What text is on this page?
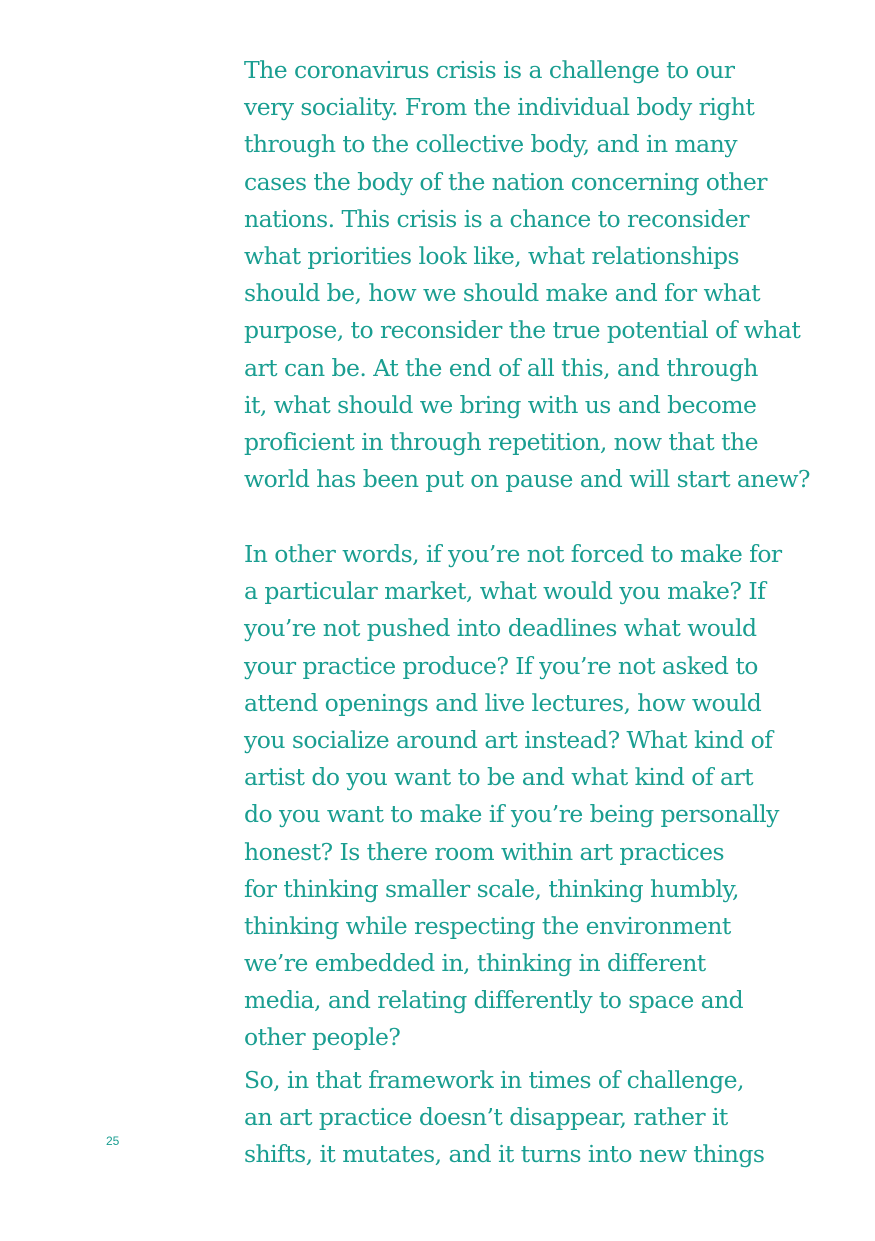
The coronavirus crisis is a challenge to our
very sociality. From the individual body right
through to the collective body, and in many
cases the body of the nation concerning other
nations. This crisis is a chance to reconsider
what priorities look like, what relationships
should be, how we should make and for what
purpose, to reconsider the true potential of what
art can be. At the end of all this, and through
it, what should we bring with us and become
proficient in through repetition, now that the
world has been put on pause and will start anew?
In other words, if you’re not forced to make for
a particular market, what would you make? If
you’re not pushed into deadlines what would
your practice produce? If you’re not asked to
attend openings and live lectures, how would
you socialize around art instead? What kind of
artist do you want to be and what kind of art
do you want to make if you’re being personally
honest? Is there room within art practices
for thinking smaller scale, thinking humbly,
thinking while respecting the environment
we’re embedded in, thinking in different
media, and relating differently to space and
other people?
So, in that framework in times of challenge,
an art practice doesn’t disappear, rather it
shifts, it mutates, and it turns into new things
25
